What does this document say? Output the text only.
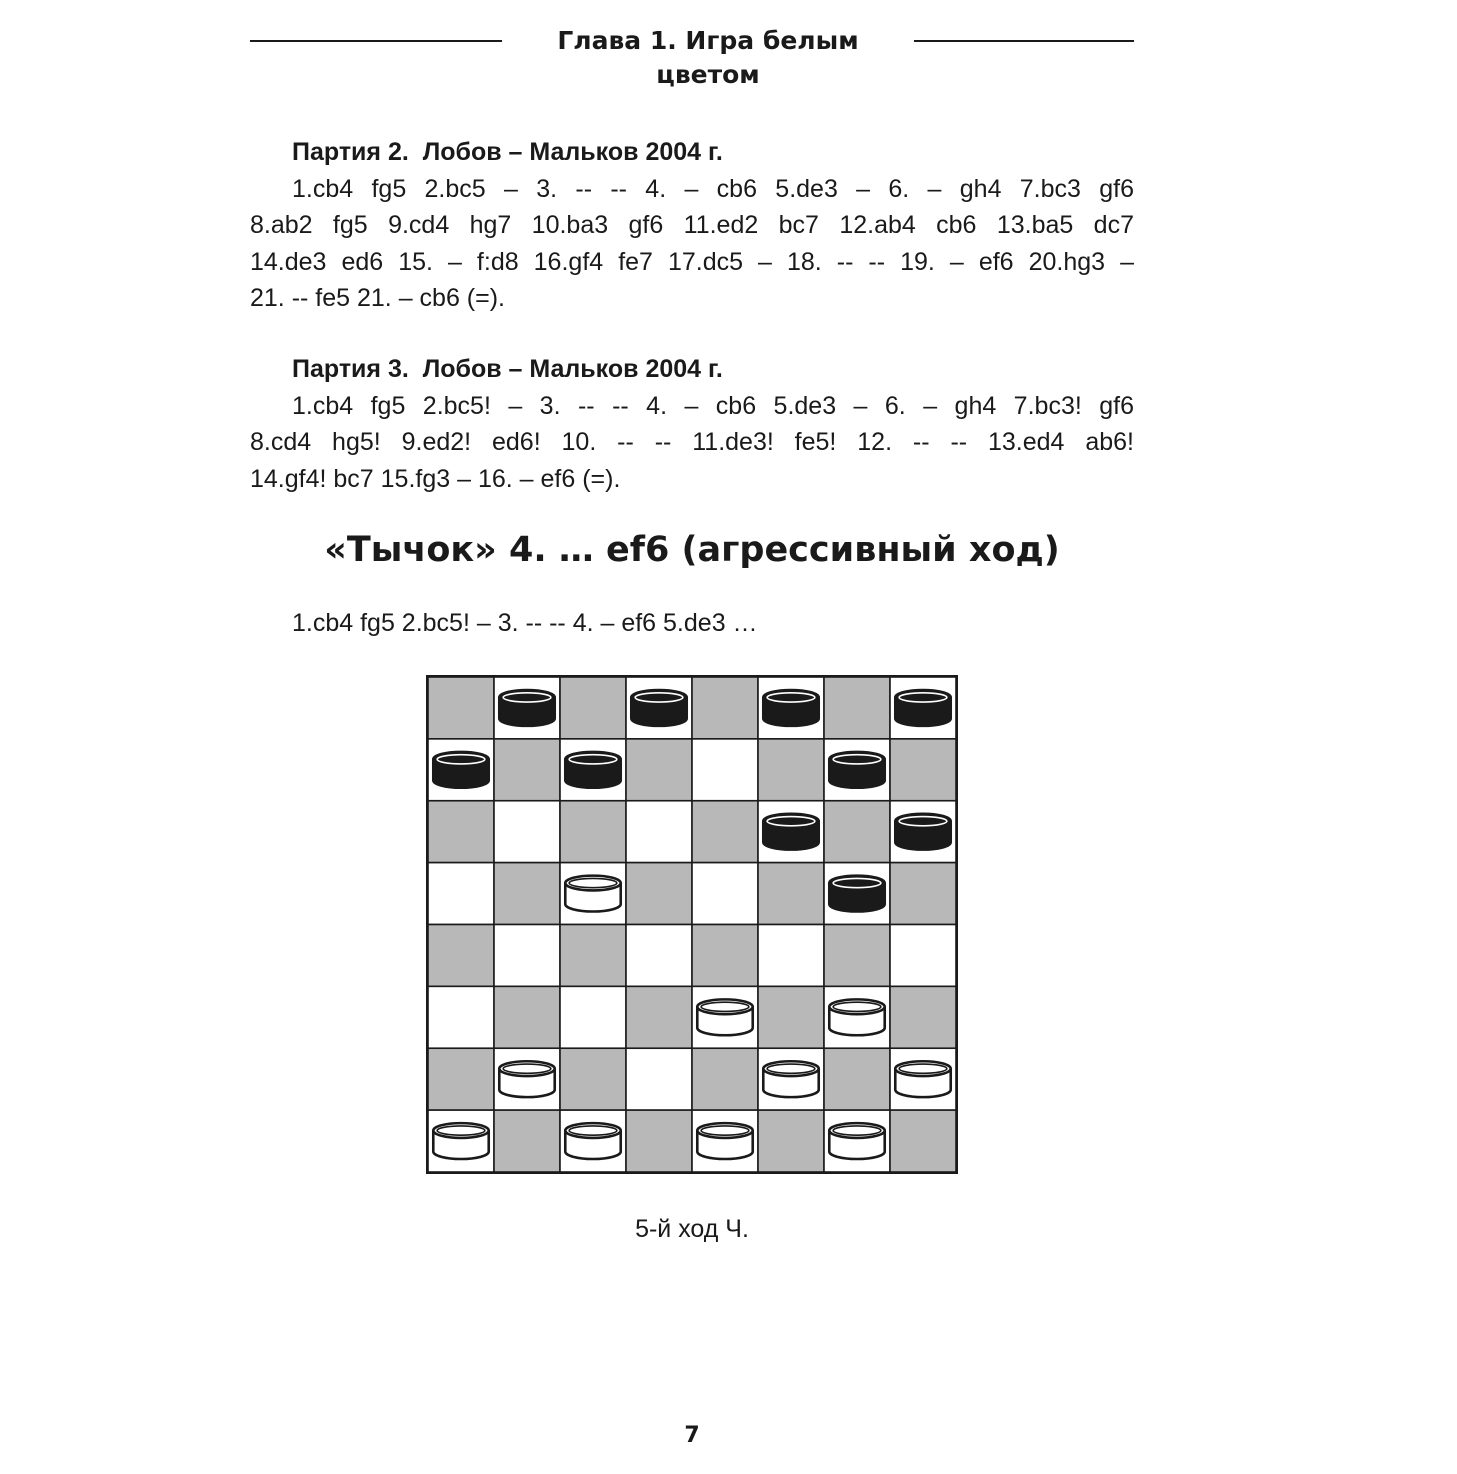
Глава 1. Игра белым цветом
Партия 2.  Лобов – Мальков 2004 г.
1.cb4 fg5 2.bc5 – 3. -- -- 4. – cb6 5.de3 – 6. – gh4 7.bc3 gf6
8.ab2 fg5 9.cd4 hg7 10.ba3 gf6 11.ed2 bc7 12.ab4 cb6 13.ba5 dc7
14.de3 ed6 15. – f:d8 16.gf4 fe7 17.dc5 – 18. -- -- 19. – ef6 20.hg3 –
21. -- fe5 21. – cb6 (=).
Партия 3.  Лобов – Мальков 2004 г.
1.cb4 fg5 2.bc5! – 3. -- -- 4. – cb6 5.de3 – 6. – gh4 7.bc3! gf6
8.cd4 hg5! 9.ed2! ed6! 10. -- -- 11.de3! fe5! 12. -- -- 13.ed4 ab6!
14.gf4! bc7 15.fg3 – 16. – ef6 (=).
«Тычок» 4. … ef6 (агрессивный ход)
1.cb4 fg5 2.bc5! – 3. -- -- 4. – ef6 5.de3 …
5-й ход Ч.
7
